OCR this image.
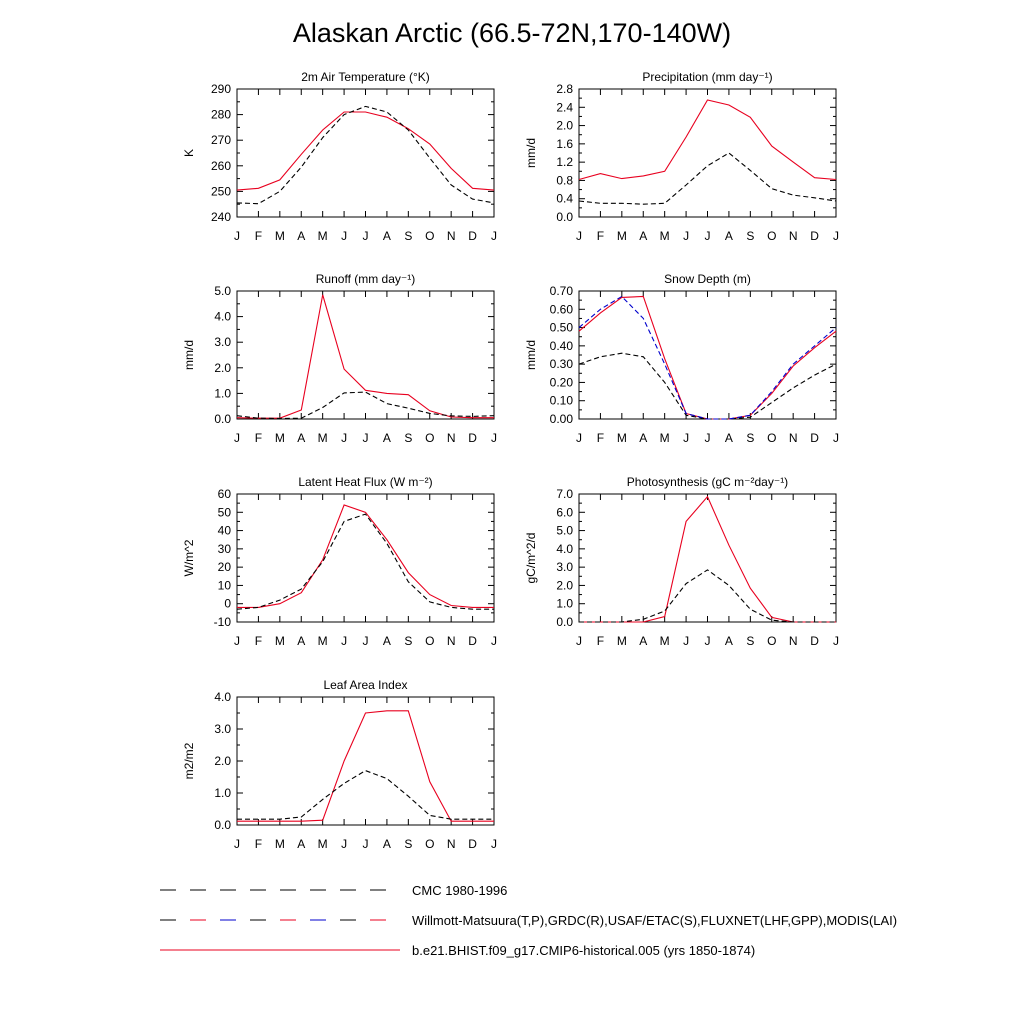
Alaskan Arctic (66.5-72N,170-140W)
2m Air Temperature (°K)
K
240
250
260
270
280
290
J F M A M J J A S O N D J
Precipitation (mm day⁻¹)
mm/d
0.0
0.4
0.8
1.2
1.6
2.0
2.4
2.8
J F M A M J J A S O N D J
Runoff (mm day⁻¹)
mm/d
0.0
1.0
2.0
3.0
4.0
5.0
J F M A M J J A S O N D J
Snow Depth (m)
mm/d
0.00
0.10
0.20
0.30
0.40
0.50
0.60
0.70
J F M A M J J A S O N D J
Latent Heat Flux (W m⁻²)
W/m^2
-10
0
10
20
30
40
50
60
J F M A M J J A S O N D J
Photosynthesis (gC m⁻²day⁻¹)
gC/m^2/d
0.0
1.0
2.0
3.0
4.0
5.0
6.0
7.0
J F M A M J J A S O N D J
Leaf Area Index
m2/m2
0.0
1.0
2.0
3.0
4.0
J F M A M J J A S O N D J
CMC 1980-1996
Willmott-Matsuura(T,P),GRDC(R),USAF/ETAC(S),FLUXNET(LHF,GPP),MODIS(LAI)
b.e21.BHIST.f09_g17.CMIP6-historical.005 (yrs 1850-1874)
